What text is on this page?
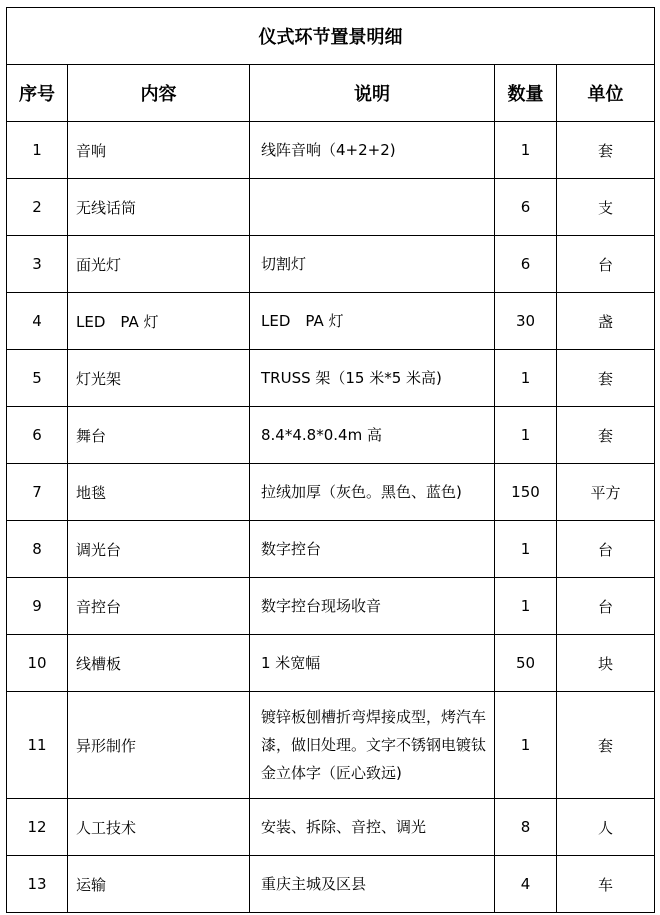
仪式环节置景明细				
序号	内容	说明	数量	单位
1	音响	线阵音响（4+2+2)	1	套
2	无线话筒		6	支
3	面光灯	切割灯	6	台
4	LED　PA 灯	LED　PA 灯	30	盏
5	灯光架	TRUSS 架（15 米*5 米高)	1	套
6	舞台	8.4*4.8*0.4m 高	1	套
7	地毯	拉绒加厚（灰色。黑色、蓝色)	150	平方
8	调光台	数字控台	1	台
9	音控台	数字控台现场收音	1	台
10	线槽板	1 米宽幅	50	块
11	异形制作	镀锌板刨槽折弯焊接成型，烤汽车漆，做旧处理。文字不锈钢电镀钛金立体字（匠心致远)	1	套
12	人工技术	安装、拆除、音控、调光	8	人
13	运输	重庆主城及区县	4	车
